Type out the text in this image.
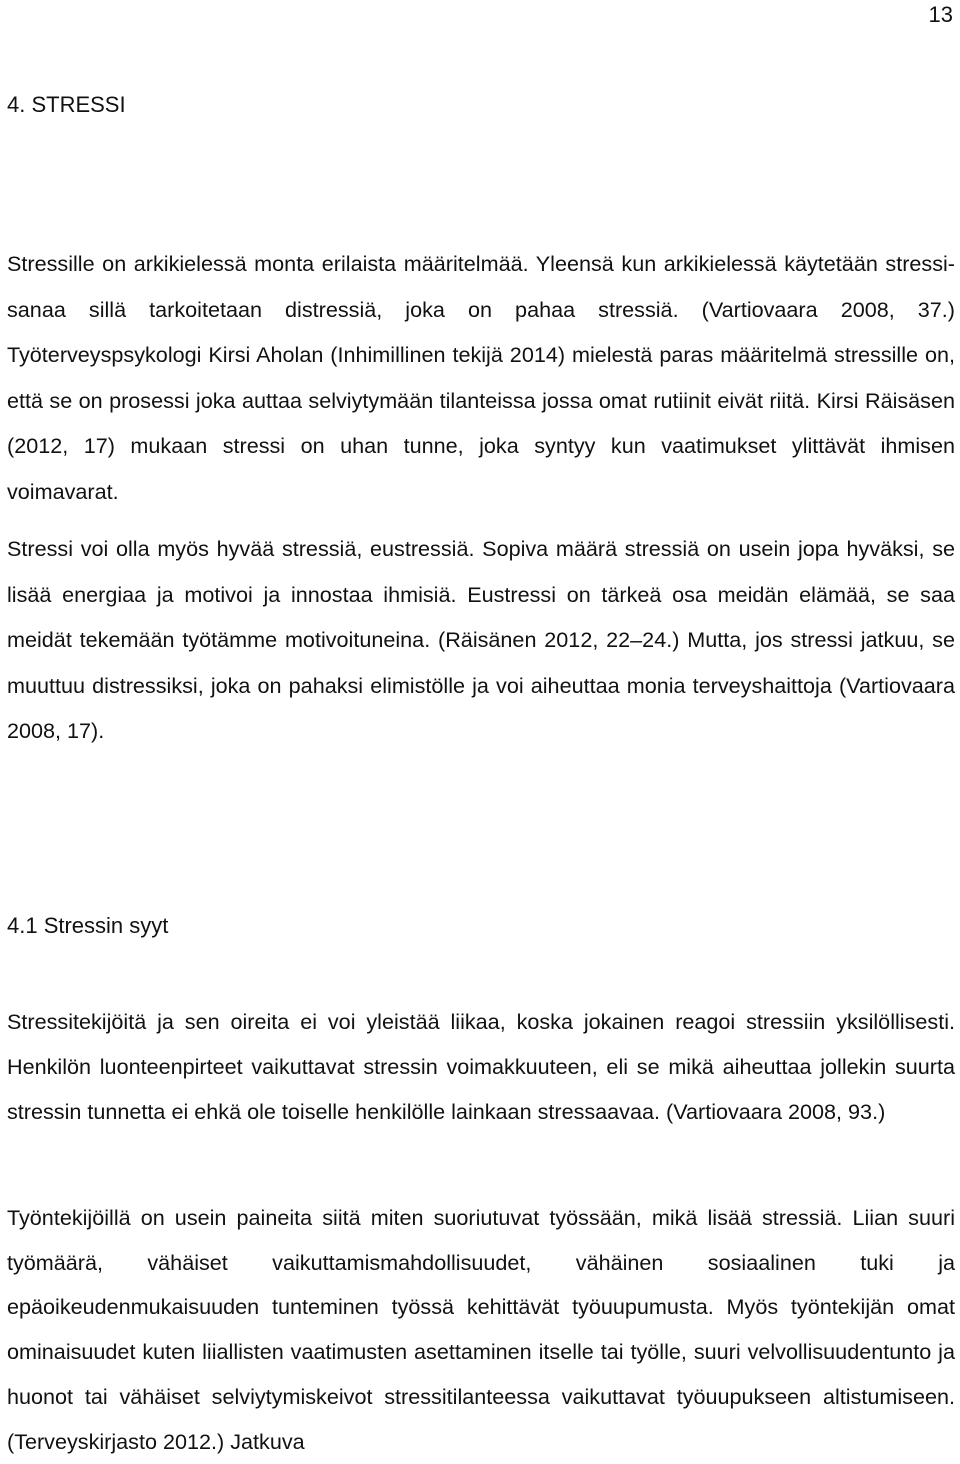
13
4. STRESSI

Stressille on arkikielessä monta erilaista määritelmää. Yleensä kun arkikielessä käytetään stressi-sanaa sillä tarkoitetaan distressiä, joka on pahaa stressiä. (Vartiovaara 2008, 37.) Työterveyspsykologi Kirsi Aholan (Inhimillinen tekijä 2014) mielestä paras määritelmä stressille on, että se on prosessi joka auttaa selviytymään tilanteissa jossa omat rutiinit eivät riitä. Kirsi Räisäsen (2012, 17) mukaan stressi on uhan tunne, joka syntyy kun vaatimukset ylittävät ihmisen voimavarat.

Stressi voi olla myös hyvää stressiä, eustressiä. Sopiva määrä stressiä on usein jopa hyväksi, se lisää energiaa ja motivoi ja innostaa ihmisiä. Eustressi on tärkeä osa meidän elämää, se saa meidät tekemään työtämme motivoituneina. (Räisänen 2012, 22‒24.) Mutta, jos stressi jatkuu, se muuttuu distressiksi, joka on pahaksi elimistölle ja voi aiheuttaa monia terveyshaittoja (Vartiovaara 2008, 17).

4.1 Stressin syyt

Stressitekijöitä ja sen oireita ei voi yleistää liikaa, koska jokainen reagoi stressiin yksilöllisesti. Henkilön luonteenpirteet vaikuttavat stressin voimakkuuteen, eli se mikä aiheuttaa jollekin suurta stressin tunnetta ei ehkä ole toiselle henkilölle lainkaan stressaavaa. (Vartiovaara 2008, 93.)

Työntekijöillä on usein paineita siitä miten suoriutuvat työssään, mikä lisää stressiä. Liian suuri työmäärä, vähäiset vaikuttamismahdollisuudet, vähäinen sosiaalinen tuki ja epäoikeudenmukaisuuden tunteminen työssä kehittävät työuupumusta. Myös työntekijän omat ominaisuudet kuten liiallisten vaatimusten asettaminen itselle tai työlle, suuri velvollisuudentunto ja huonot tai vähäiset selviytymiskeivot stressitilanteessa vaikuttavat työuupukseen altistumiseen.(Terveyskirjasto 2012.) Jatkuva
